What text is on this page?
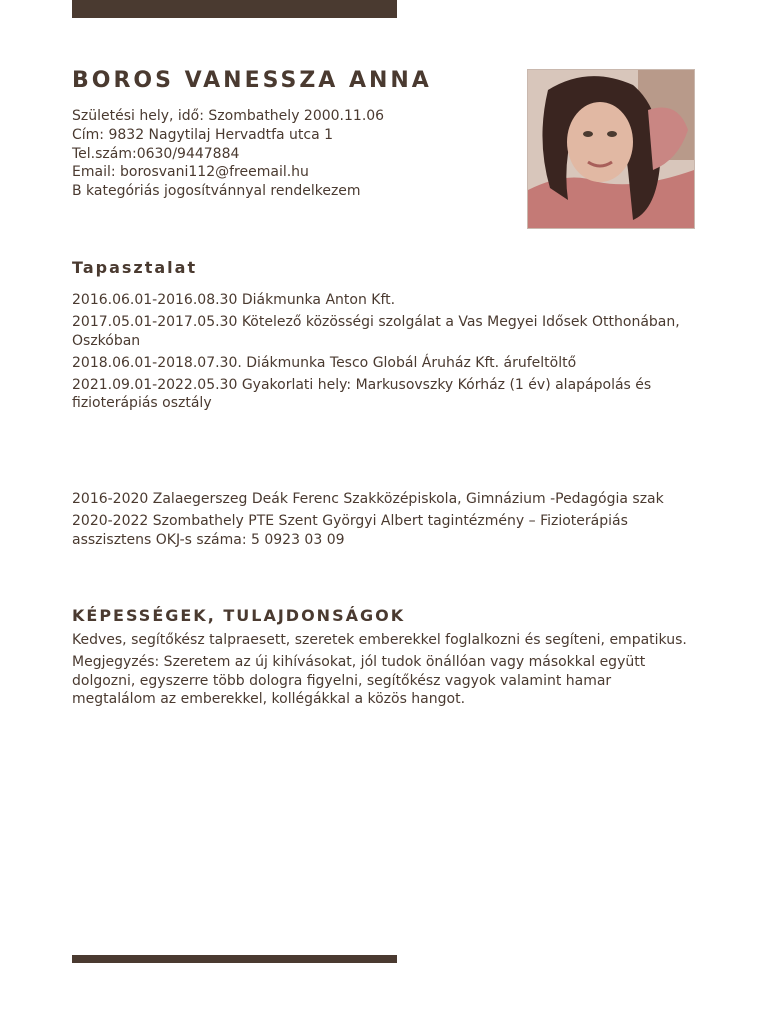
BOROS VANESSZA ANNA
Születési hely, idő: Szombathely 2000.11.06
Cím: 9832 Nagytilaj Hervadtfa utca 1
Tel.szám:0630/9447884
Email: borosvani112@freemail.hu
B kategóriás jogosítvánnyal rendelkezem
Tapasztalat

2016.06.01-2016.08.30 Diákmunka Anton Kft.

2017.05.01-2017.05.30 Kötelező közösségi szolgálat a Vas Megyei Idősek Otthonában, Oszkóban

2018.06.01-2018.07.30. Diákmunka Tesco Globál Áruház Kft. árufeltöltő

2021.09.01-2022.05.30 Gyakorlati hely: Markusovszky Kórház (1 év) alapápolás és fizioterápiás osztály

2016-2020 Zalaegerszeg Deák Ferenc Szakközépiskola, Gimnázium -Pedagógia szak

2020-2022 Szombathely PTE Szent Györgyi Albert tagintézmény – Fizioterápiás asszisztens OKJ-s száma: 5 0923 03 09

KÉPESSÉGEK, TULAJDONSÁGOK

Kedves, segítőkész talpraesett, szeretek emberekkel foglalkozni és segíteni, empatikus.

Megjegyzés: Szeretem az új kihívásokat, jól tudok önállóan vagy másokkal együtt dolgozni, egyszerre több dologra figyelni, segítőkész vagyok valamint hamar megtalálom az emberekkel, kollégákkal a közös hangot.
